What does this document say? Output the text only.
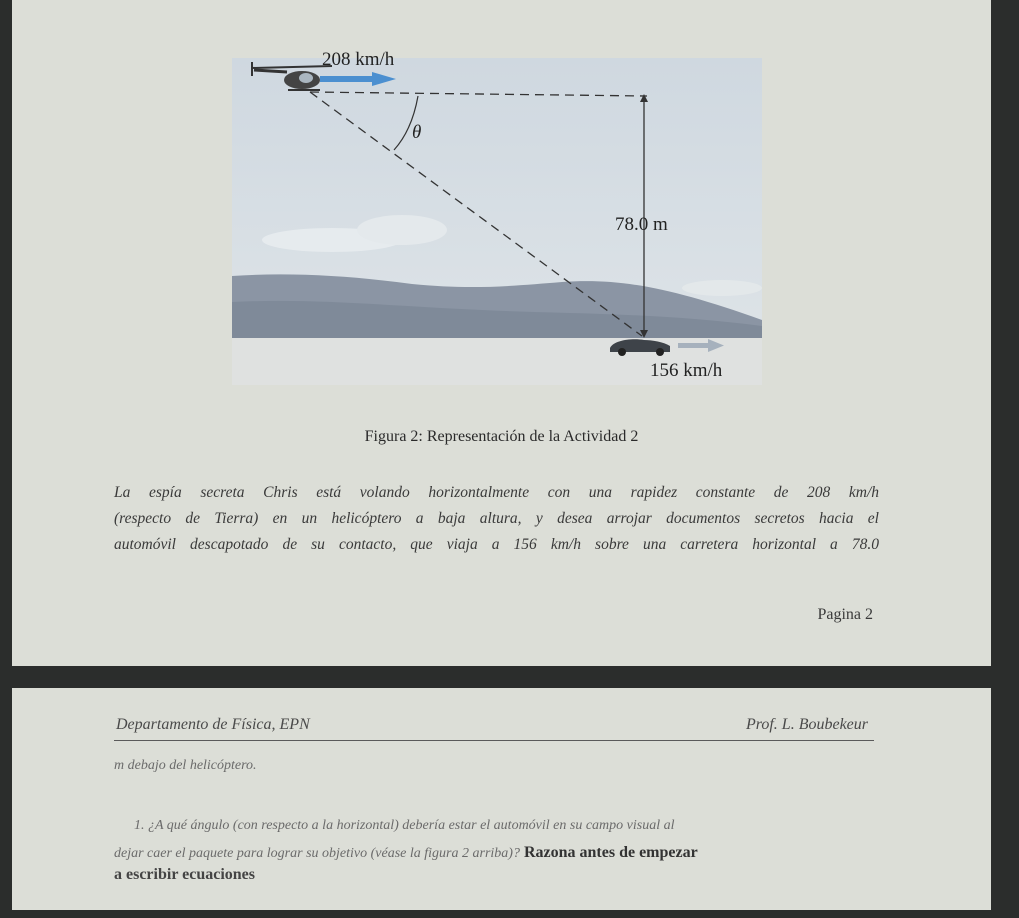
208 km/h
θ
78.0 m
156 km/h
Figura 2: Representación de la Actividad 2
La espía secreta Chris está volando horizontalmente con una rapidez constante de 208 km/h
(respecto de Tierra) en un helicóptero a baja altura, y desea arrojar documentos secretos hacia el
automóvil descapotado de su contacto, que viaja a 156 km/h sobre una carretera horizontal a 78.0
Pagina 2
Departamento de Física, EPN	Prof. L. Boubekeur
m debajo del helicóptero.
1. ¿A qué ángulo (con respecto a la horizontal) debería estar el automóvil en su campo visual al
dejar caer el paquete para lograr su objetivo (véase la figura 2 arriba)? Razona antes de empezar
a escribir ecuaciones
